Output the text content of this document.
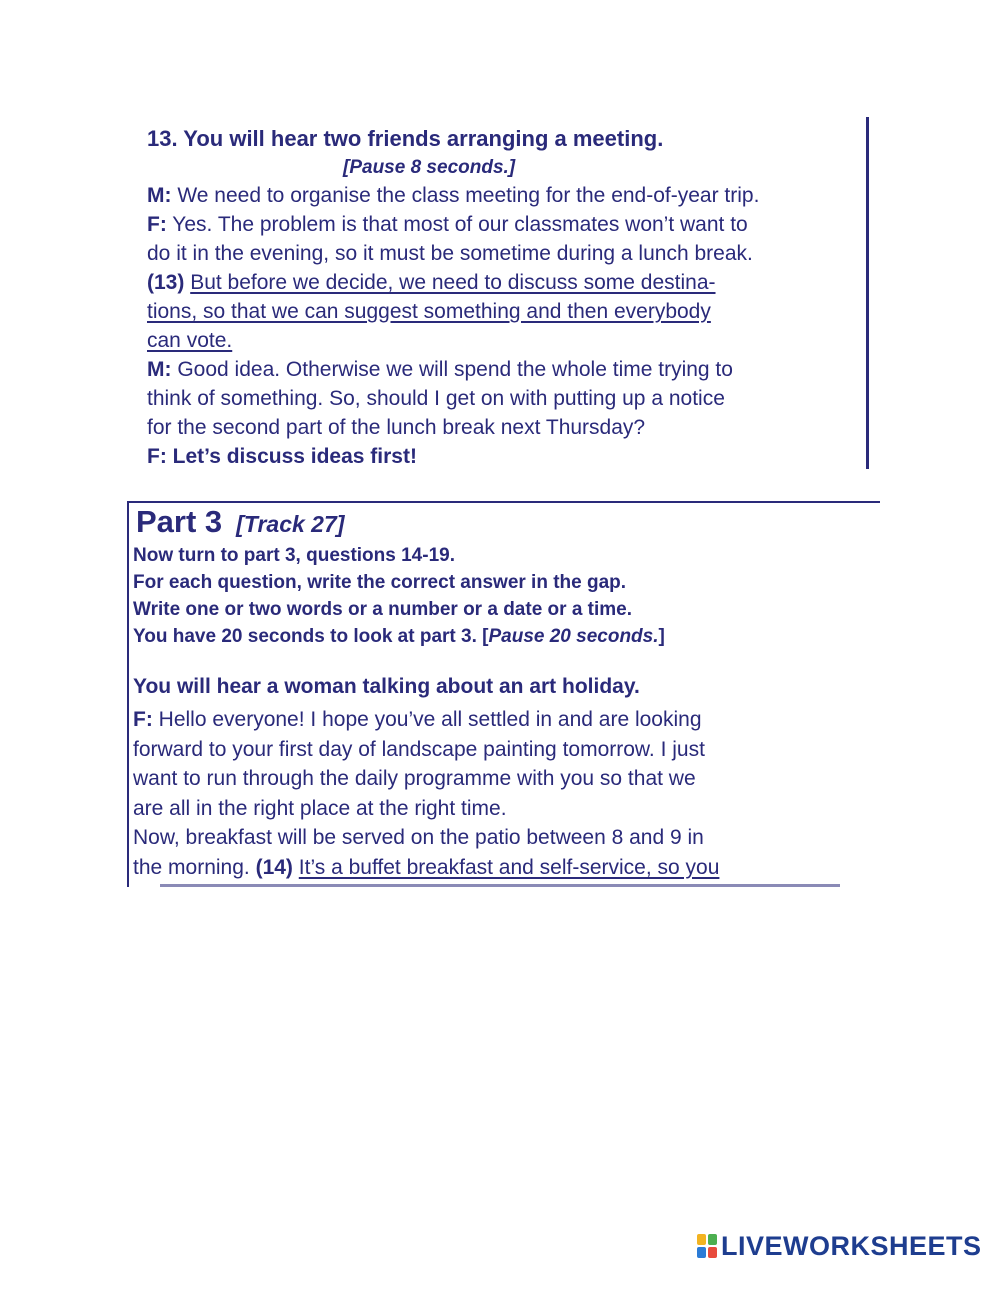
13. You will hear two friends arranging a meeting.
[Pause 8 seconds.]
M: We need to organise the class meeting for the end-of-year trip.
F: Yes. The problem is that most of our classmates won’t want to
do it in the evening, so it must be sometime during a lunch break.
(13) But before we decide, we need to discuss some destina-
tions, so that we can suggest something and then everybody
can vote.
M: Good idea. Otherwise we will spend the whole time trying to
think of something. So, should I get on with putting up a notice
for the second part of the lunch break next Thursday?
F: Let’s discuss ideas first!
Part 3 [Track 27]
Now turn to part 3, questions 14-19.
For each question, write the correct answer in the gap.
Write one or two words or a number or a date or a time.
You have 20 seconds to look at part 3. [Pause 20 seconds.]
You will hear a woman talking about an art holiday.
F: Hello everyone! I hope you’ve all settled in and are looking
forward to your first day of landscape painting tomorrow. I just
want to run through the daily programme with you so that we
are all in the right place at the right time.
Now, breakfast will be served on the patio between 8 and 9 in
the morning. (14) It’s a buffet breakfast and self-service, so you
LIVEWORKSHEETS
